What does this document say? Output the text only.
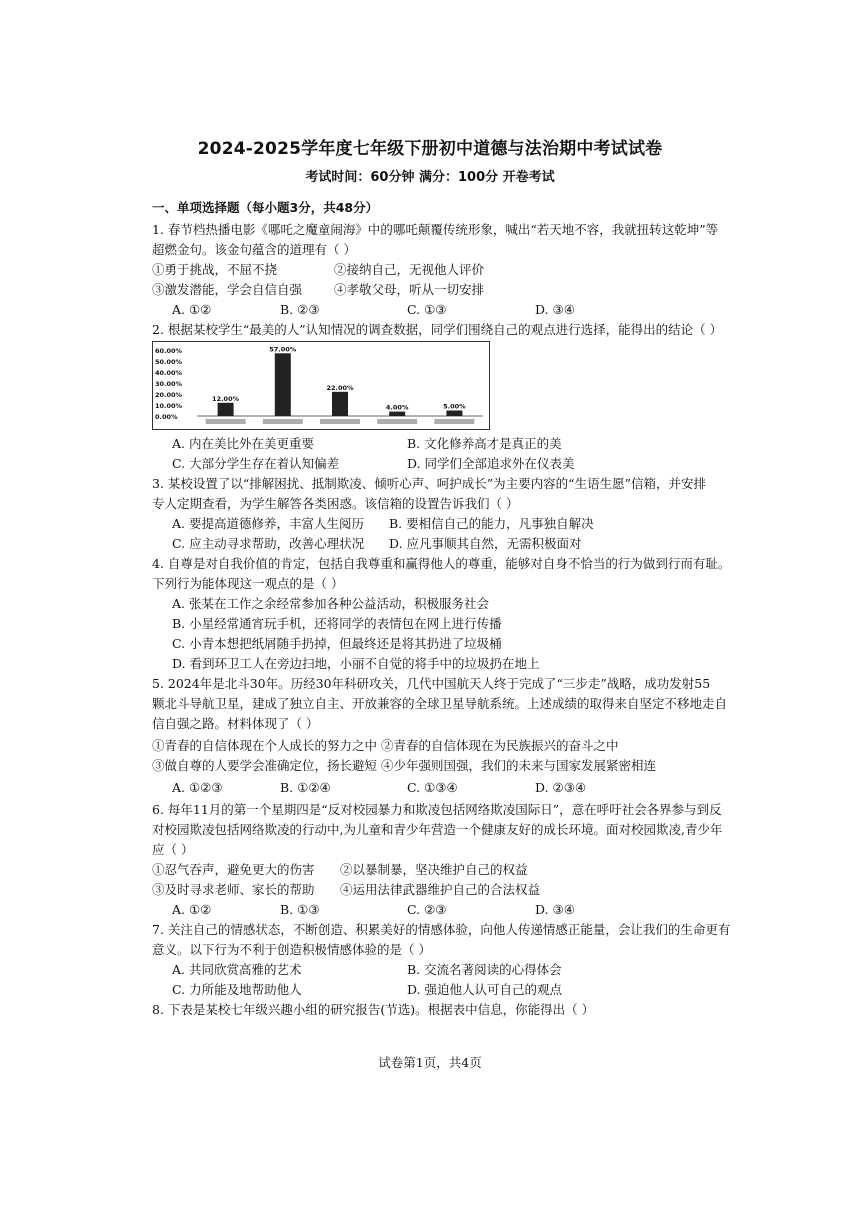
2024-2025学年度七年级下册初中道德与法治期中考试试卷
考试时间：60分钟 满分：100分 开卷考试
一、单项选择题（每小题3分，共48分）
1. 春节档热播电影《哪吒之魔童闹海》中的哪吒颠覆传统形象，喊出“若天地不容，我就扭转这乾坤”等
超燃金句。该金句蕴含的道理有（ ）
①勇于挑战，不屈不挠	②接纳自己，无视他人评价
③激发潜能，学会自信自强	④孝敬父母，听从一切安排
A. ①②	B. ②③	C. ①③	D. ③④
2. 根据某校学生“最美的人”认知情况的调查数据，同学们围绕自己的观点进行选择，能得出的结论（ ）
60.00%
50.00%
40.00%
30.00%
20.00%
10.00%
0.00%
12.00%
57.00%
22.00%
4.00%	5.00%
A. 内在美比外在美更重要	B. 文化修养高才是真正的美
C. 大部分学生存在着认知偏差	D. 同学们全部追求外在仪表美
3. 某校设置了以“排解困扰、抵制欺凌、倾听心声、呵护成长”为主要内容的“生语生愿”信箱，并安排
专人定期查看，为学生解答各类困惑。该信箱的设置告诉我们（ ）
A. 要提高道德修养，丰富人生阅历 B. 要相信自己的能力，凡事独自解决
C. 应主动寻求帮助，改善心理状况 D. 应凡事顺其自然，无需积极面对
4. 自尊是对自我价值的肯定，包括自我尊重和赢得他人的尊重，能够对自身不恰当的行为做到行而有耻。
下列行为能体现这一观点的是（ ）
A. 张某在工作之余经常参加各种公益活动，积极服务社会
B. 小星经常通宵玩手机，还将同学的表情包在网上进行传播
C. 小青本想把纸屑随手扔掉，但最终还是将其扔进了垃圾桶
D. 看到环卫工人在旁边扫地，小丽不自觉的将手中的垃圾扔在地上
5. 2024年是北斗30年。历经30年科研攻关，几代中国航天人终于完成了“三步走”战略，成功发射55
颗北斗导航卫星，建成了独立自主、开放兼容的全球卫星导航系统。上述成绩的取得来自坚定不移地走自
信自强之路。材料体现了（ ）
①青春的自信体现在个人成长的努力之中 ②青春的自信体现在为民族振兴的奋斗之中
③做自尊的人要学会准确定位，扬长避短 ④少年强则国强，我们的未来与国家发展紧密相连
A. ①②③	B. ①②④	C. ①③④	D. ②③④
6. 每年11月的第一个星期四是“反对校园暴力和欺凌包括网络欺凌国际日”，意在呼吁社会各界参与到反
对校园欺凌包括网络欺凌的行动中,为儿童和青少年营造一个健康友好的成长环境。面对校园欺凌,青少年
应（ ）
①忍气吞声，避免更大的伤害 ②以暴制暴，坚决维护自己的权益
③及时寻求老师、家长的帮助 ④运用法律武器维护自己的合法权益
A. ①②	B. ①③	C. ②③	D. ③④
7. 关注自己的情感状态，不断创造、积累美好的情感体验，向他人传递情感正能量，会让我们的生命更有
意义。以下行为不利于创造积极情感体验的是（ ）
A. 共同欣赏高雅的艺术	B. 交流名著阅读的心得体会
C. 力所能及地帮助他人	D. 强迫他人认可自己的观点
8. 下表是某校七年级兴趣小组的研究报告(节选)。根据表中信息，你能得出（ ）
试卷第1页，共4页
